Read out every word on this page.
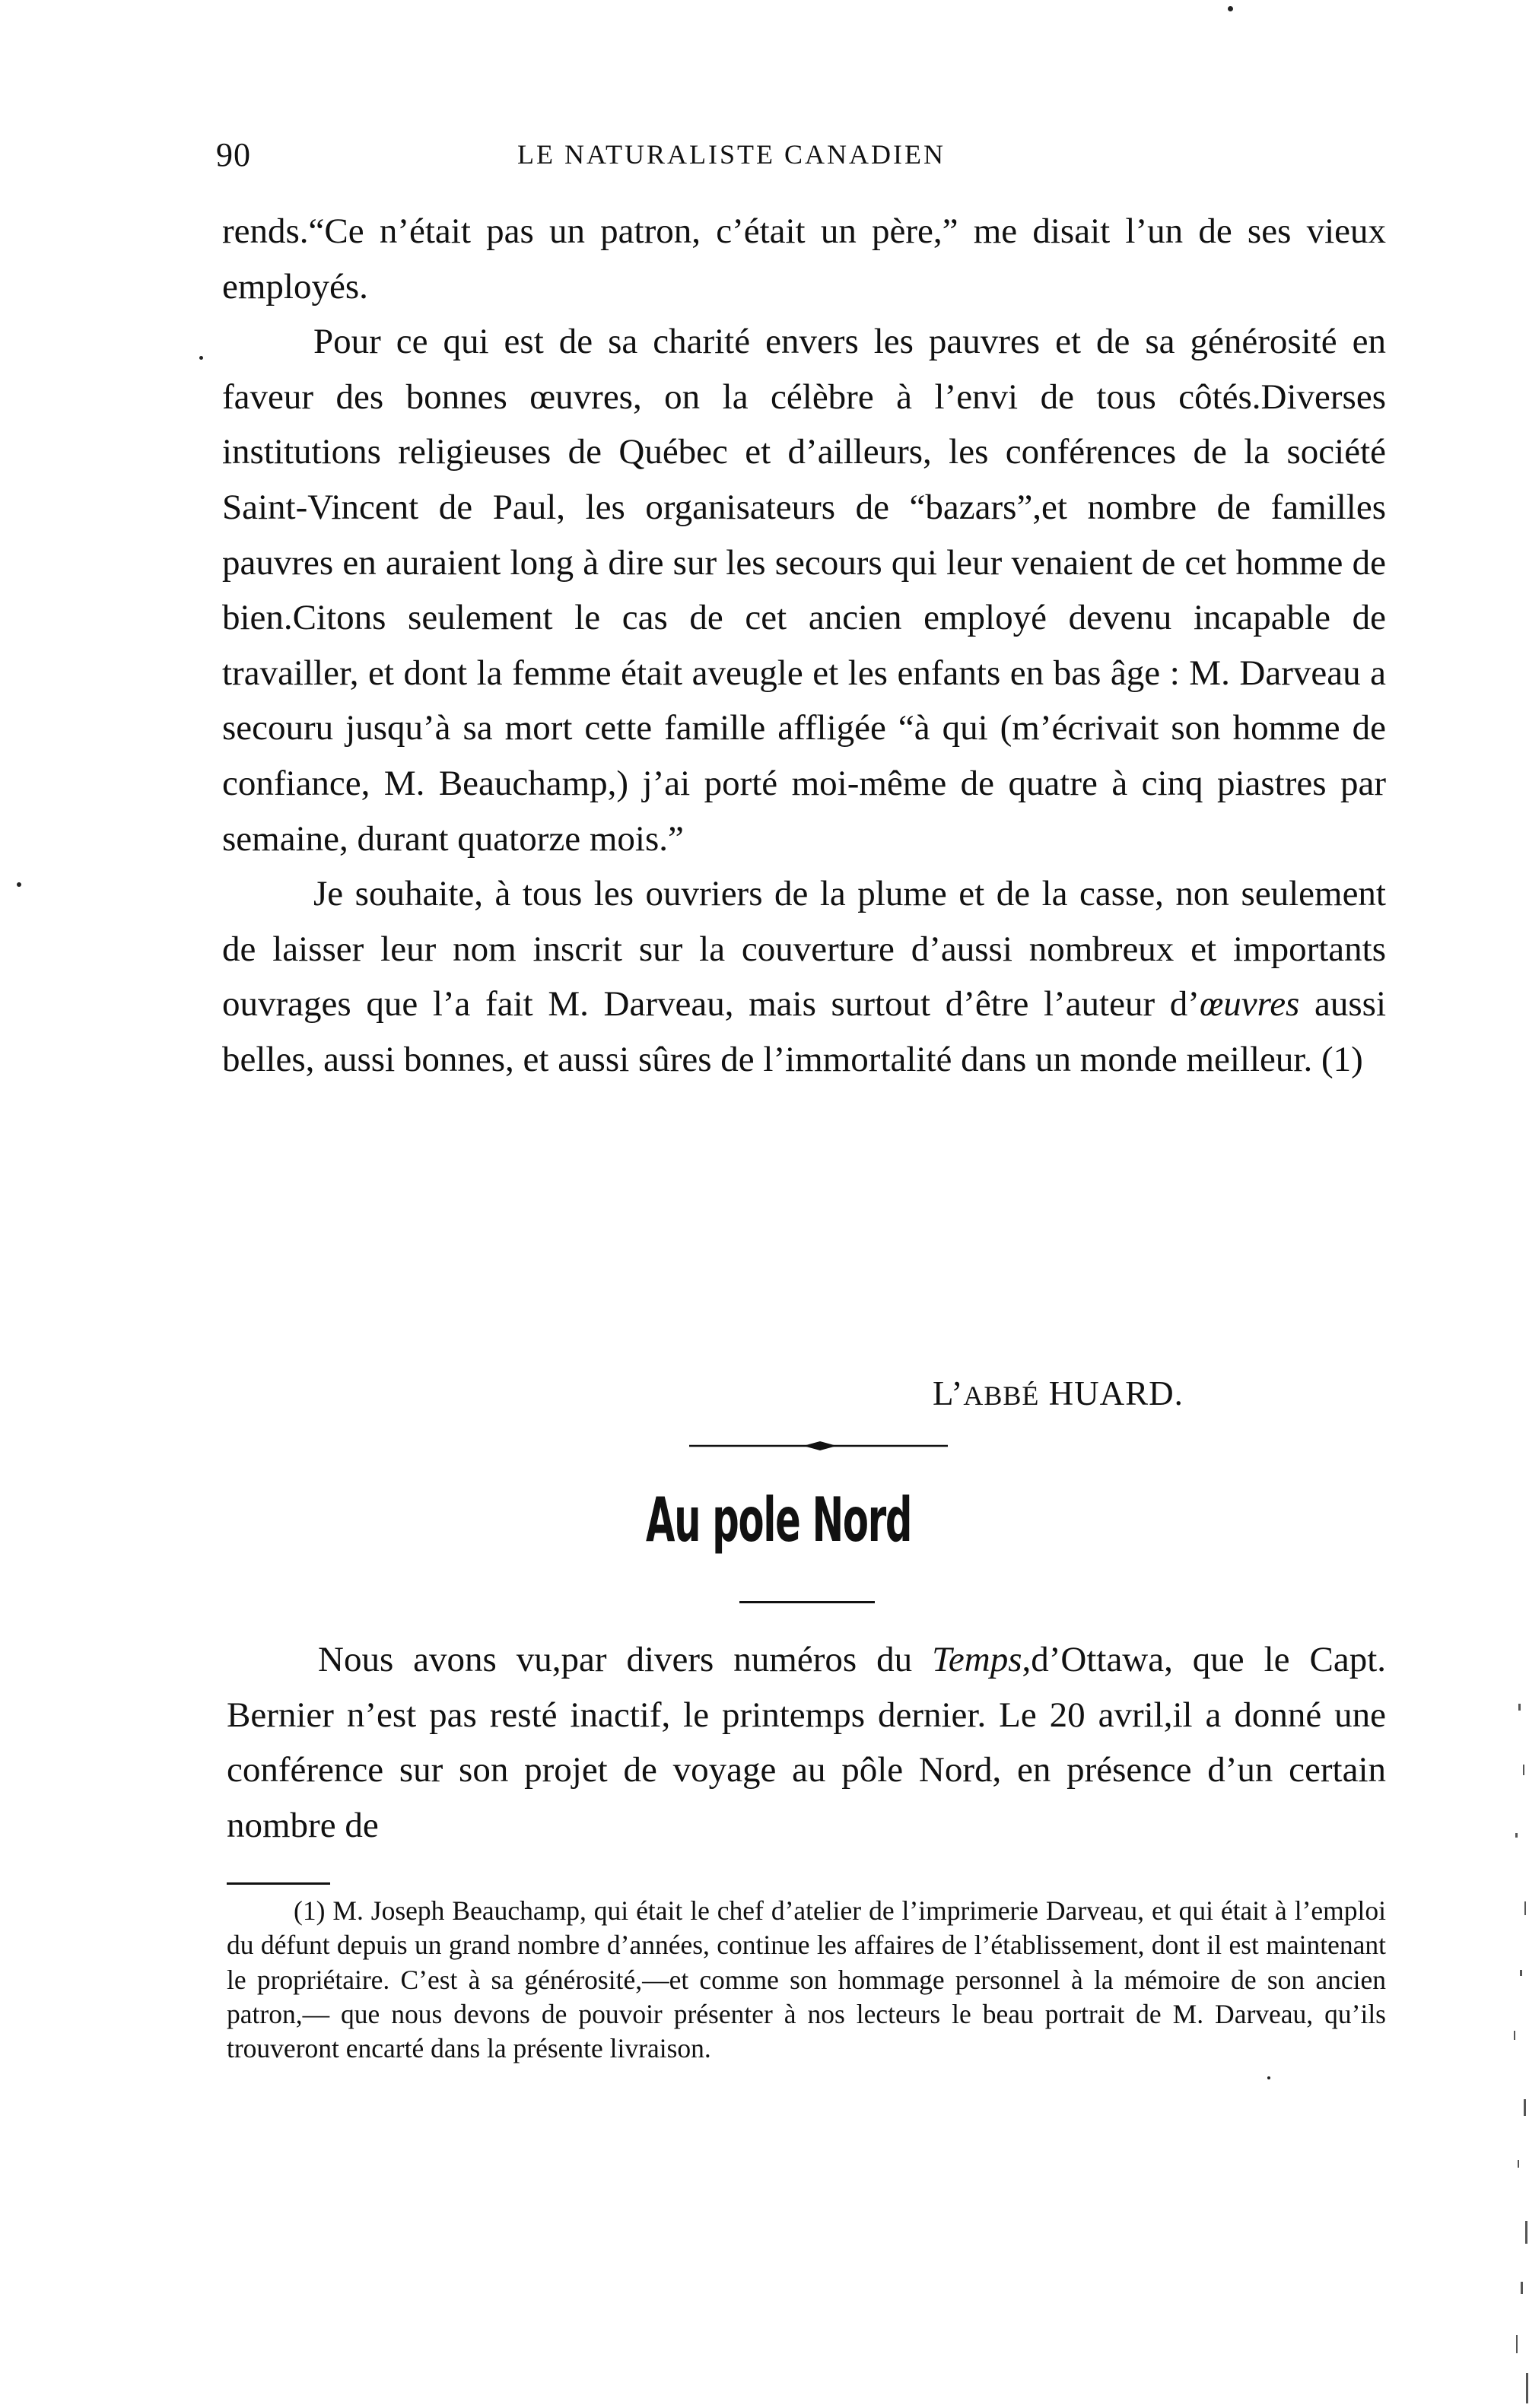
90	LE NATURALISTE CANADIEN

rends.“Ce n’était pas un patron, c’était un père,” me disait l’un de ses vieux employés.

Pour ce qui est de sa charité envers les pauvres et de sa générosité en faveur des bonnes œuvres, on la célèbre à l’envi de tous côtés.Diverses institutions religieuses de Québec et d’ailleurs, les conférences de la société Saint-Vincent de Paul, les organisateurs de “bazars”,et nombre de familles pauvres en auraient long à dire sur les secours qui leur venaient de cet homme de bien.Citons seulement le cas de cet ancien employé devenu incapable de travailler, et dont la femme était aveugle et les enfants en bas âge : M. Darveau a secouru jusqu’à sa mort cette famille affligée “à qui (m’écrivait son homme de confiance, M. Beauchamp,) j’ai porté moi-même de quatre à cinq piastres par semaine, durant quatorze mois.”

Je souhaite, à tous les ouvriers de la plume et de la casse, non seulement de laisser leur nom inscrit sur la couverture d’aussi nombreux et importants ouvrages que l’a fait M. Darveau, mais surtout d’être l’auteur d’œuvres aussi belles, aussi bonnes, et aussi sûres de l’immortalité dans un monde meilleur. (1)

L’ABBÉ HUARD.
Au pole Nord

Nous avons vu,par divers numéros du Temps,d’Ottawa, que le Capt. Bernier n’est pas resté inactif, le printemps dernier. Le 20 avril,il a donné une conférence sur son projet de voyage au pôle Nord, en présence d’un certain nombre de

(1) M. Joseph Beauchamp, qui était le chef d’atelier de l’imprimerie Darveau, et qui était à l’emploi du défunt depuis un grand nombre d’années, continue les affaires de l’établissement, dont il est maintenant le propriétaire. C’est à sa générosité,—et comme son hommage personnel à la mémoire de son ancien patron,— que nous devons de pouvoir présenter à nos lecteurs le beau portrait de M. Darveau, qu’ils trouveront encarté dans la présente livraison.
